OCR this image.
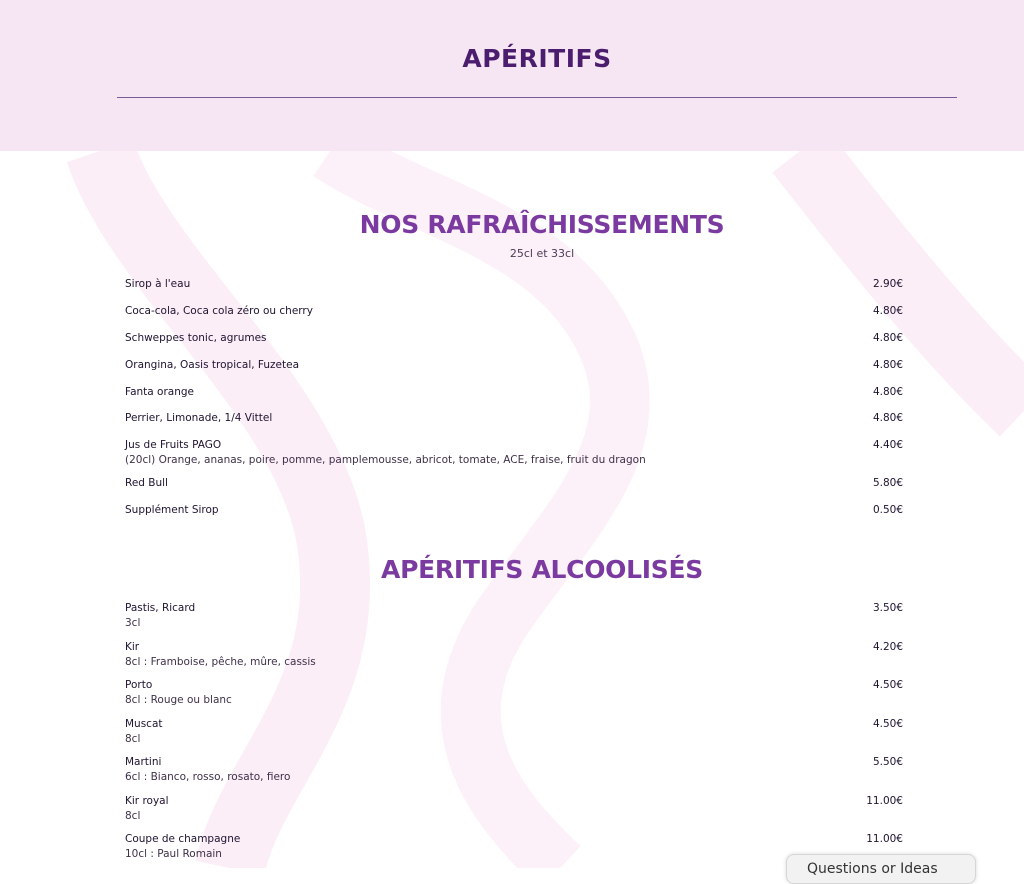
APÉRITIFS
NOS RAFRAÎCHISSEMENTS
25cl et 33cl
Sirop à l'eau	2.90€
Coca-cola, Coca cola zéro ou cherry	4.80€
Schweppes tonic, agrumes	4.80€
Orangina, Oasis tropical, Fuzetea	4.80€
Fanta orange	4.80€
Perrier, Limonade, 1/4 Vittel	4.80€
Jus de Fruits PAGO
(20cl) Orange, ananas, poire, pomme, pamplemousse, abricot, tomate, ACE, fraise, fruit du dragon
4.40€
Red Bull	5.80€
Supplément Sirop	0.50€
APÉRITIFS ALCOOLISÉS
Pastis, Ricard
3cl
3.50€
Kir
8cl : Framboise, pêche, mûre, cassis
4.20€
Porto
8cl : Rouge ou blanc
4.50€
Muscat
8cl
4.50€
Martini
6cl : Bianco, rosso, rosato, fiero
5.50€
Kir royal
8cl
11.00€
Coupe de champagne
10cl : Paul Romain
11.00€
Questions or Ideas
